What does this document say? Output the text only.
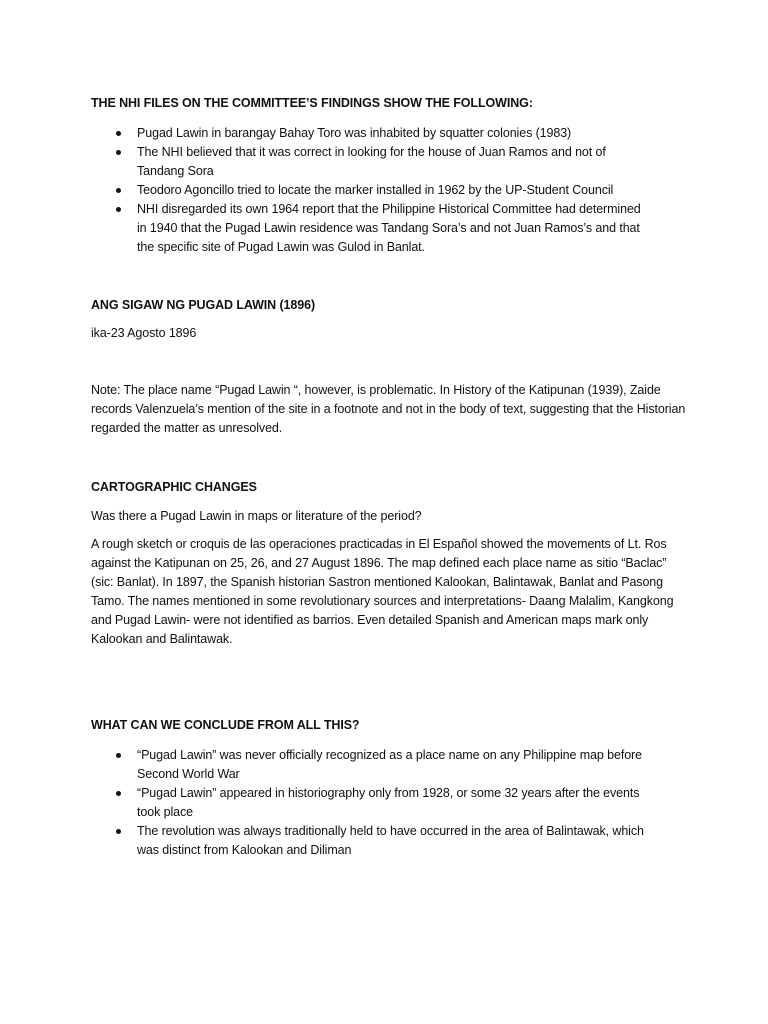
THE NHI FILES ON THE COMMITTEE’S FINDINGS SHOW THE FOLLOWING:
Pugad Lawin in barangay Bahay Toro was inhabited by squatter colonies (1983)
The NHI believed that it was correct in looking for the house of Juan Ramos and not of Tandang Sora
Teodoro Agoncillo tried to locate the marker installed in 1962 by the UP-Student Council
NHI disregarded its own 1964 report that the Philippine Historical Committee had determined in 1940 that the Pugad Lawin residence was Tandang Sora’s and not Juan Ramos’s and that the specific site of Pugad Lawin was Gulod in Banlat.
ANG SIGAW NG PUGAD LAWIN (1896)
ika-23 Agosto 1896

Note: The place name “Pugad Lawin “, however, is problematic. In History of the Katipunan (1939), Zaide records Valenzuela’s mention of the site in a footnote and not in the body of text, suggesting that the Historian regarded the matter as unresolved.

CARTOGRAPHIC CHANGES
Was there a Pugad Lawin in maps or literature of the period?

A rough sketch or croquis de las operaciones practicadas in El Español showed the movements of Lt. Ros against the Katipunan on 25, 26, and 27 August 1896. The map defined each place name as sitio “Baclac” (sic: Banlat). In 1897, the Spanish historian Sastron mentioned Kalookan, Balintawak, Banlat and Pasong Tamo. The names mentioned in some revolutionary sources and interpretations- Daang Malalim, Kangkong and Pugad Lawin- were not identified as barrios. Even detailed Spanish and American maps mark only Kalookan and Balintawak.

WHAT CAN WE CONCLUDE FROM ALL THIS?
“Pugad Lawin” was never officially recognized as a place name on any Philippine map before Second World War
“Pugad Lawin” appeared in historiography only from 1928, or some 32 years after the events took place
The revolution was always traditionally held to have occurred in the area of Balintawak, which was distinct from Kalookan and Diliman
